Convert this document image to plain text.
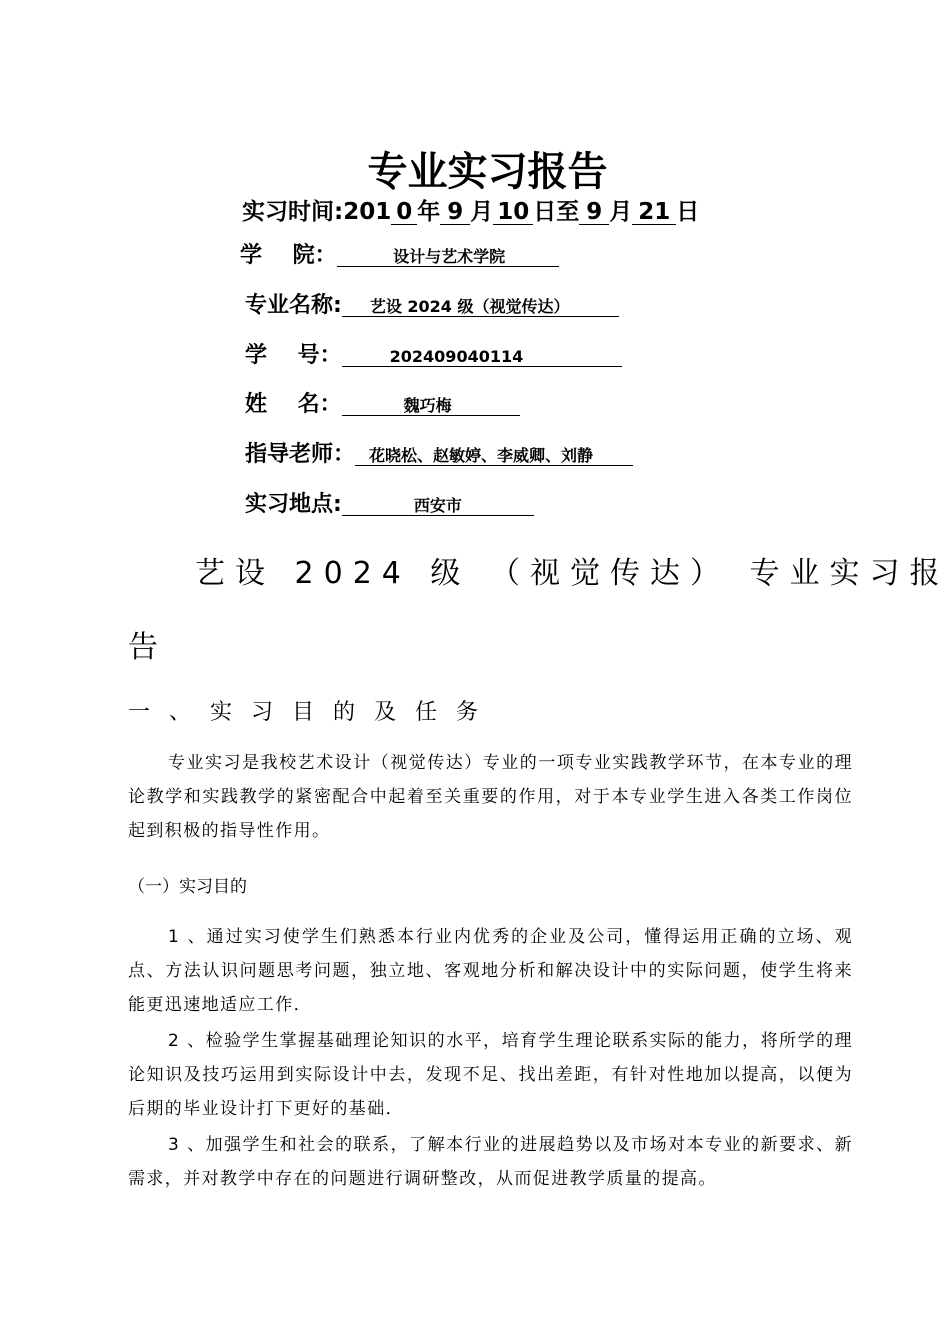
专业实习报告
实习时间:201 0 年 9 月 10 日至 9 月 21 日
学    院：	设计与艺术学院
专业名称: 艺设 2024 级（视觉传达）
学    号：	202409040114
姓    名：	魏巧梅
指导老师： 花晓松、赵敏婷、李威卿、刘静
实习地点:	西安市
艺设 2024 级 （视觉传达） 专业实习报
告
一、实习目的及任务

专业实习是我校艺术设计（视觉传达）专业的一项专业实践教学环节，在本专业的理论教学和实践教学的紧密配合中起着至关重要的作用，对于本专业学生进入各类工作岗位起到积极的指导性作用。

（一）实习目的

1 、通过实习使学生们熟悉本行业内优秀的企业及公司，懂得运用正确的立场、观点、方法认识问题思考问题，独立地、客观地分析和解决设计中的实际问题，使学生将来能更迅速地适应工作．

2 、检验学生掌握基础理论知识的水平，培育学生理论联系实际的能力，将所学的理论知识及技巧运用到实际设计中去，发现不足、找出差距，有针对性地加以提高，以便为后期的毕业设计打下更好的基础．

3 、加强学生和社会的联系，了解本行业的进展趋势以及市场对本专业的新要求、新需求，并对教学中存在的问题进行调研整改，从而促进教学质量的提高。
